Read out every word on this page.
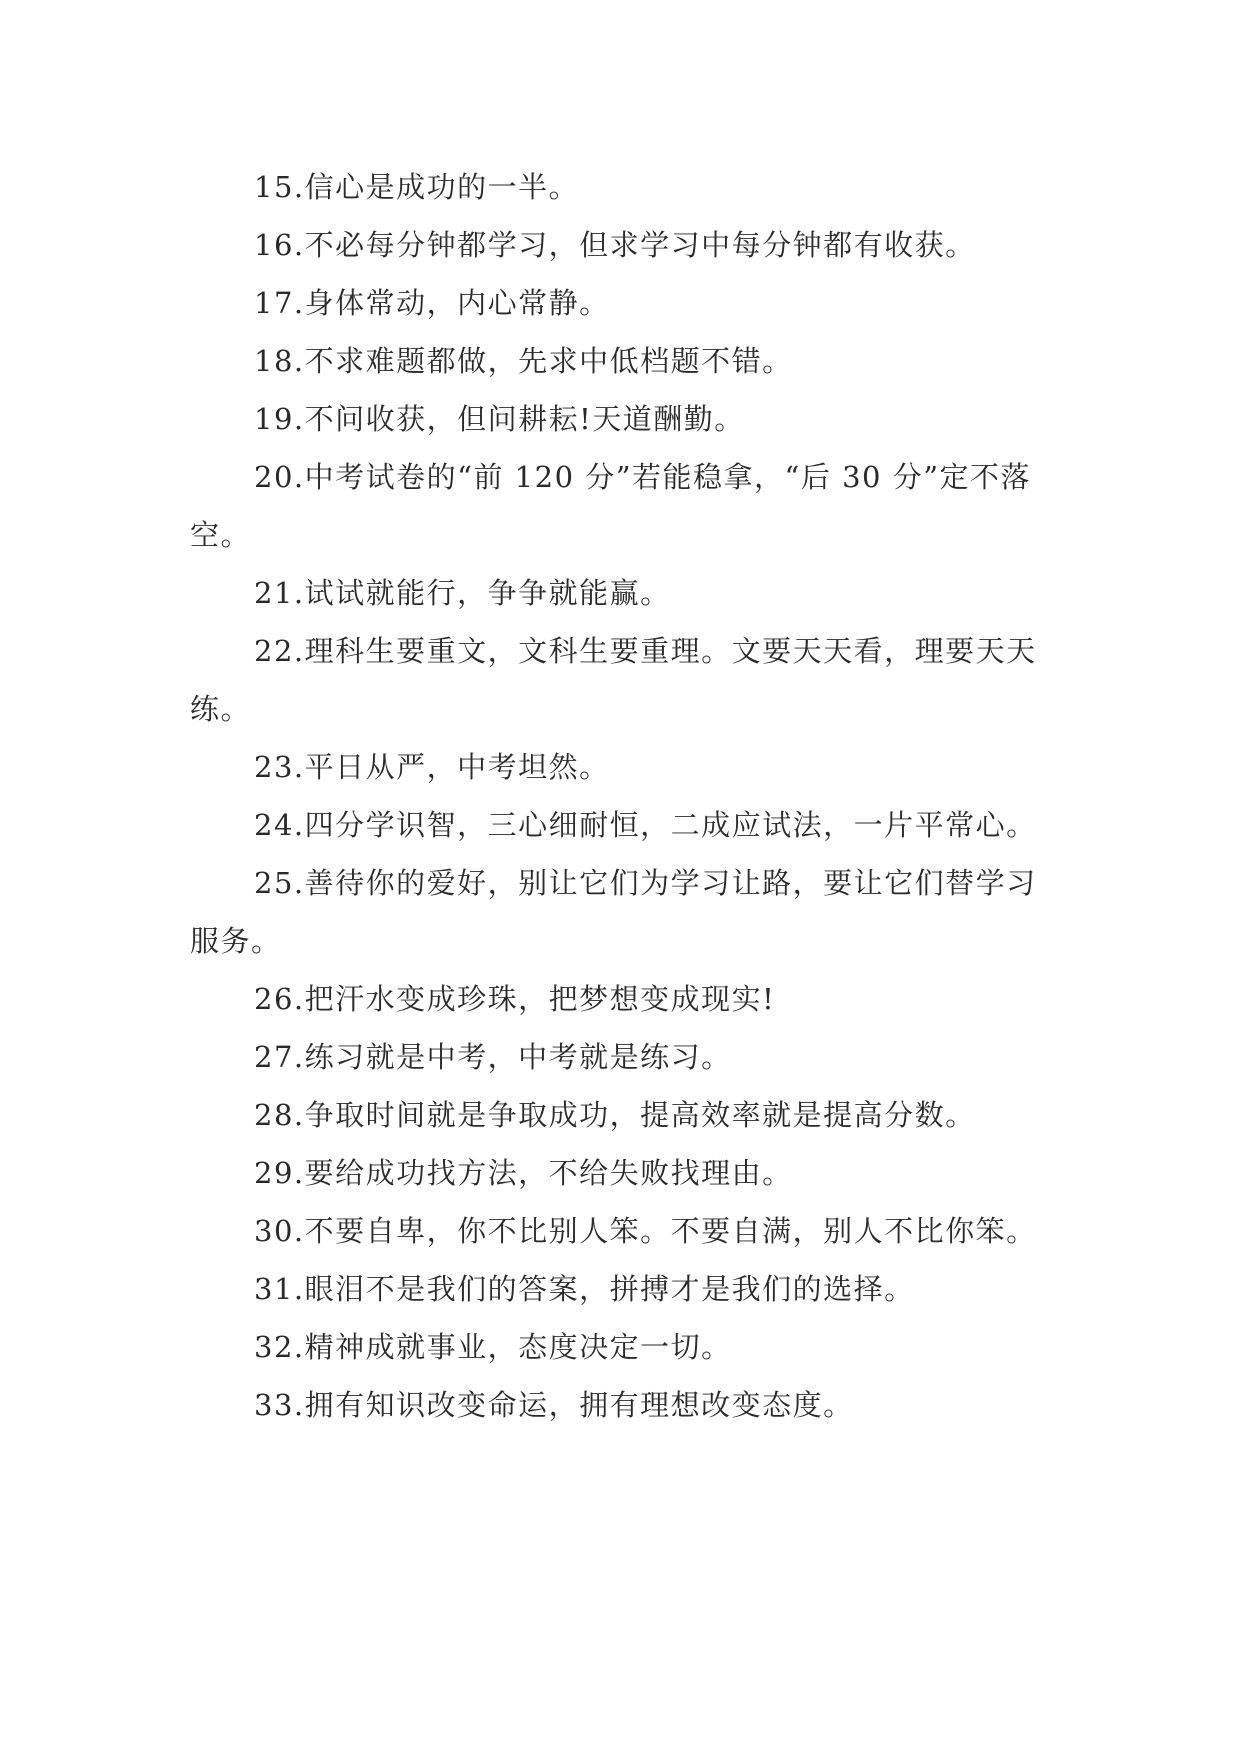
15.信心是成功的一半。

16.不必每分钟都学习，但求学习中每分钟都有收获。

17.身体常动，内心常静。

18.不求难题都做，先求中低档题不错。

19.不问收获，但问耕耘!天道酬勤。

20.中考试卷的“前 120 分”若能稳拿，“后 30 分”定不落空。

21.试试就能行，争争就能赢。

22.理科生要重文，文科生要重理。文要天天看，理要天天练。

23.平日从严，中考坦然。

24.四分学识智，三心细耐恒，二成应试法，一片平常心。

25.善待你的爱好，别让它们为学习让路，要让它们替学习服务。

26.把汗水变成珍珠，把梦想变成现实!

27.练习就是中考，中考就是练习。

28.争取时间就是争取成功，提高效率就是提高分数。

29.要给成功找方法，不给失败找理由。

30.不要自卑，你不比别人笨。不要自满，别人不比你笨。

31.眼泪不是我们的答案，拼搏才是我们的选择。

32.精神成就事业，态度决定一切。

33.拥有知识改变命运，拥有理想改变态度。
